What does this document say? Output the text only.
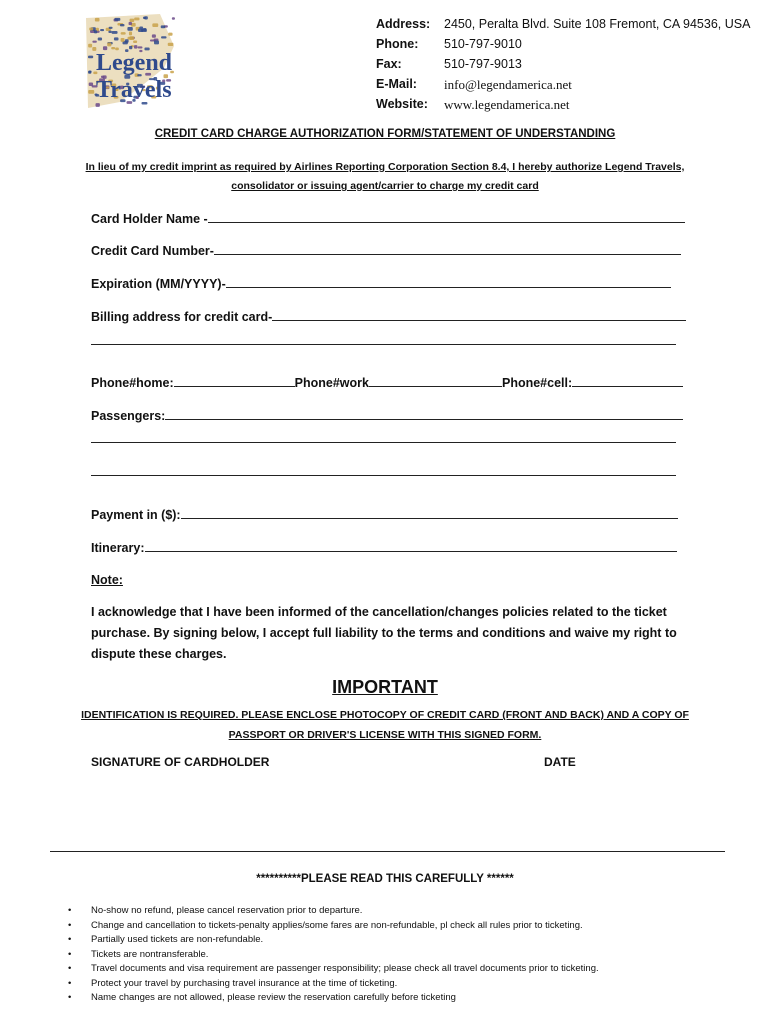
Legend Travels
Address: 2450, Peralta Blvd. Suite 108 Fremont, CA 94536, USA
Phone: 510-797-9010
Fax:	510-797-9013
E-Mail: info@legendamerica.net
Website: www.legendamerica.net
CREDIT CARD CHARGE AUTHORIZATION FORM/STATEMENT OF UNDERSTANDING
In lieu of my credit imprint as required by Airlines Reporting Corporation Section 8.4, I hereby authorize Legend Travels, consolidator or issuing agent/carrier to charge my credit card
Card Holder Name -
Credit Card Number-
Expiration (MM/YYYY)-
Billing address for credit card-
Phone#home:	Phone#work	Phone#cell:
Passengers:
Payment in ($):
Itinerary:
Note:
I acknowledge that I have been informed of the cancellation/changes policies related to the ticket purchase. By signing below, I accept full liability to the terms and conditions and waive my right to dispute these charges.
IMPORTANT
IDENTIFICATION IS REQUIRED. PLEASE ENCLOSE PHOTOCOPY OF CREDIT CARD (FRONT AND BACK) AND A COPY OF PASSPORT OR DRIVER'S LICENSE WITH THIS SIGNED FORM.
SIGNATURE OF CARDHOLDER	DATE
**********PLEASE READ THIS CAREFULLY ******
• No-show no refund, please cancel reservation prior to departure.
• Change and cancellation to tickets-penalty applies/some fares are non-refundable, pl check all rules prior to ticketing.
• Partially used tickets are non-refundable.
• Tickets are nontransferable.
• Travel documents and visa requirement are passenger responsibility; please check all travel documents prior to ticketing.
• Protect your travel by purchasing travel insurance at the time of ticketing.
• Name changes are not allowed, please review the reservation carefully before ticketing
